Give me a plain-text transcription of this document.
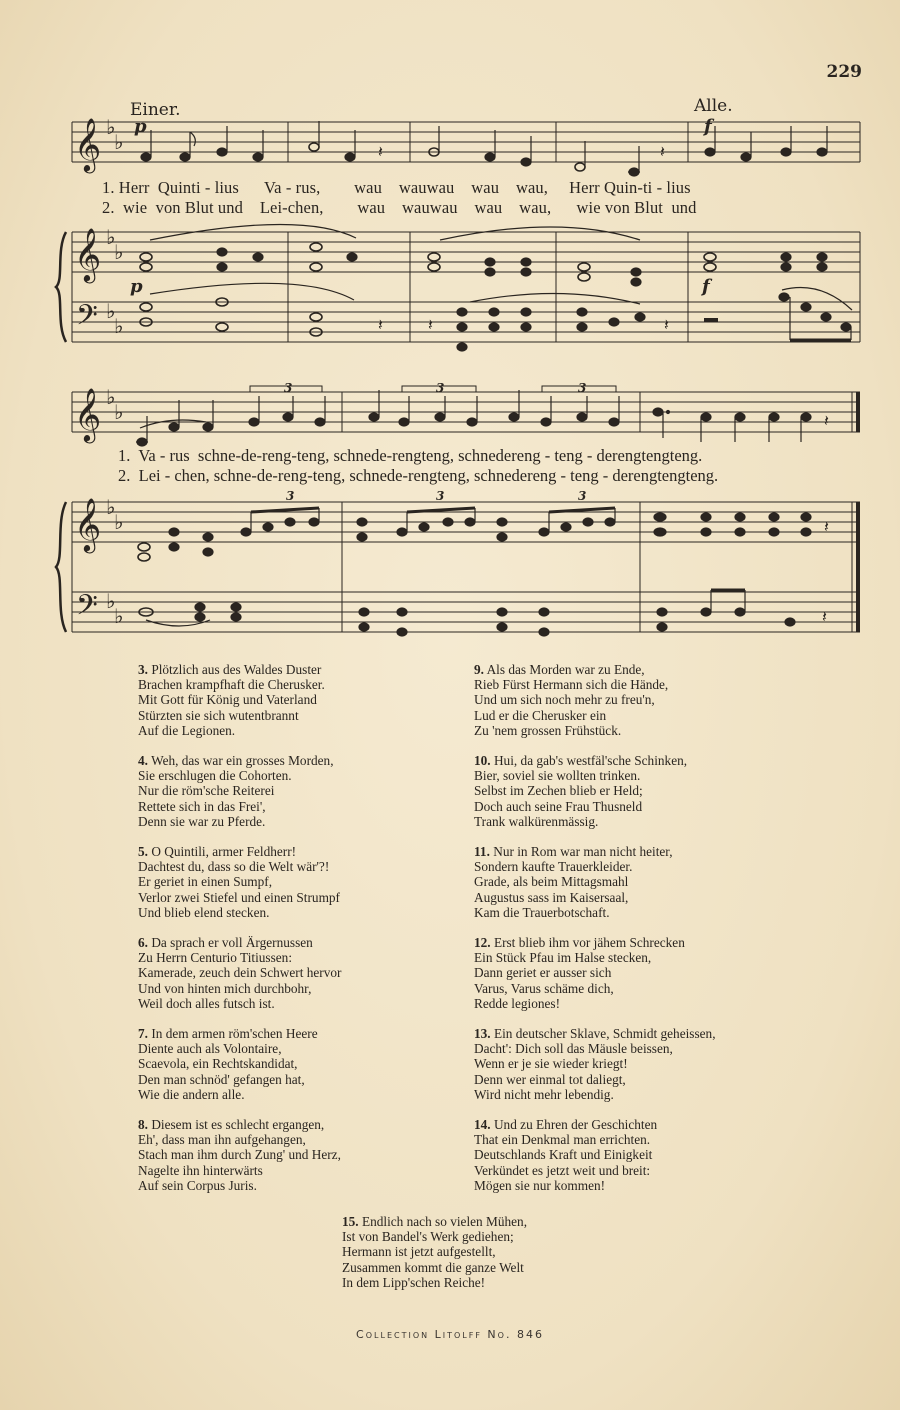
229
Einer.	Alle.
𝄞
𝄞
𝄢
𝄞
𝄞
𝄢
♭
♭
♭
♭
♭
♭
♭
♭
♭
♭
♭
♭
p	f
p	f
3	3	3
3	3	3
𝄽	𝄽
𝄽	𝄽	𝄽
𝄽
𝄽
𝄽
1. Herr  Quinti - lius      Va - rus,        wau    wauwau    wau    wau,     Herr Quin-ti - lius
2.  wie  von Blut und    Lei-chen,        wau    wauwau    wau    wau,      wie von Blut  und
1.  Va - rus  schne-de-reng-teng, schnede-rengteng, schnedereng - teng - derengtengteng.
2.  Lei - chen, schne-de-reng-teng, schnede-rengteng, schnedereng - teng - derengtengteng.
3. Plötzlich aus des Waldes Duster
Brachen krampfhaft die Cherusker.
Mit Gott für König und Vaterland
Stürzten sie sich wutentbrannt
Auf die Legionen.
4. Weh, das war ein grosses Morden,
Sie erschlugen die Cohorten.
Nur die röm'sche Reiterei
Rettete sich in das Frei',
Denn sie war zu Pferde.
5. O Quintili, armer Feldherr!
Dachtest du, dass so die Welt wär'?!
Er geriet in einen Sumpf,
Verlor zwei Stiefel und einen Strumpf
Und blieb elend stecken.
6. Da sprach er voll Ärgernussen
Zu Herrn Centurio Titiussen:
Kamerade, zeuch dein Schwert hervor
Und von hinten mich durchbohr,
Weil doch alles futsch ist.
7. In dem armen röm'schen Heere
Diente auch als Volontaire,
Scaevola, ein Rechtskandidat,
Den man schnöd' gefangen hat,
Wie die andern alle.
8. Diesem ist es schlecht ergangen,
Eh', dass man ihn aufgehangen,
Stach man ihm durch Zung' und Herz,
Nagelte ihn hinterwärts
Auf sein Corpus Juris.
9. Als das Morden war zu Ende,
Rieb Fürst Hermann sich die Hände,
Und um sich noch mehr zu freu'n,
Lud er die Cherusker ein
Zu 'nem grossen Frühstück.
10. Hui, da gab's westfäl'sche Schinken,
Bier, soviel sie wollten trinken.
Selbst im Zechen blieb er Held;
Doch auch seine Frau Thusneld
Trank walkürenmässig.
11. Nur in Rom war man nicht heiter,
Sondern kaufte Trauerkleider.
Grade, als beim Mittagsmahl
Augustus sass im Kaisersaal,
Kam die Trauerbotschaft.
12. Erst blieb ihm vor jähem Schrecken
Ein Stück Pfau im Halse stecken,
Dann geriet er ausser sich
Varus, Varus schäme dich,
Redde legiones!
13. Ein deutscher Sklave, Schmidt geheissen,
Dacht': Dich soll das Mäusle beissen,
Wenn er je sie wieder kriegt!
Denn wer einmal tot daliegt,
Wird nicht mehr lebendig.
14. Und zu Ehren der Geschichten
That ein Denkmal man errichten.
Deutschlands Kraft und Einigkeit
Verkündet es jetzt weit und breit:
Mögen sie nur kommen!
15. Endlich nach so vielen Mühen,
Ist von Bandel's Werk gediehen;
Hermann ist jetzt aufgestellt,
Zusammen kommt die ganze Welt
In dem Lipp'schen Reiche!
Collection Litolff No. 846
